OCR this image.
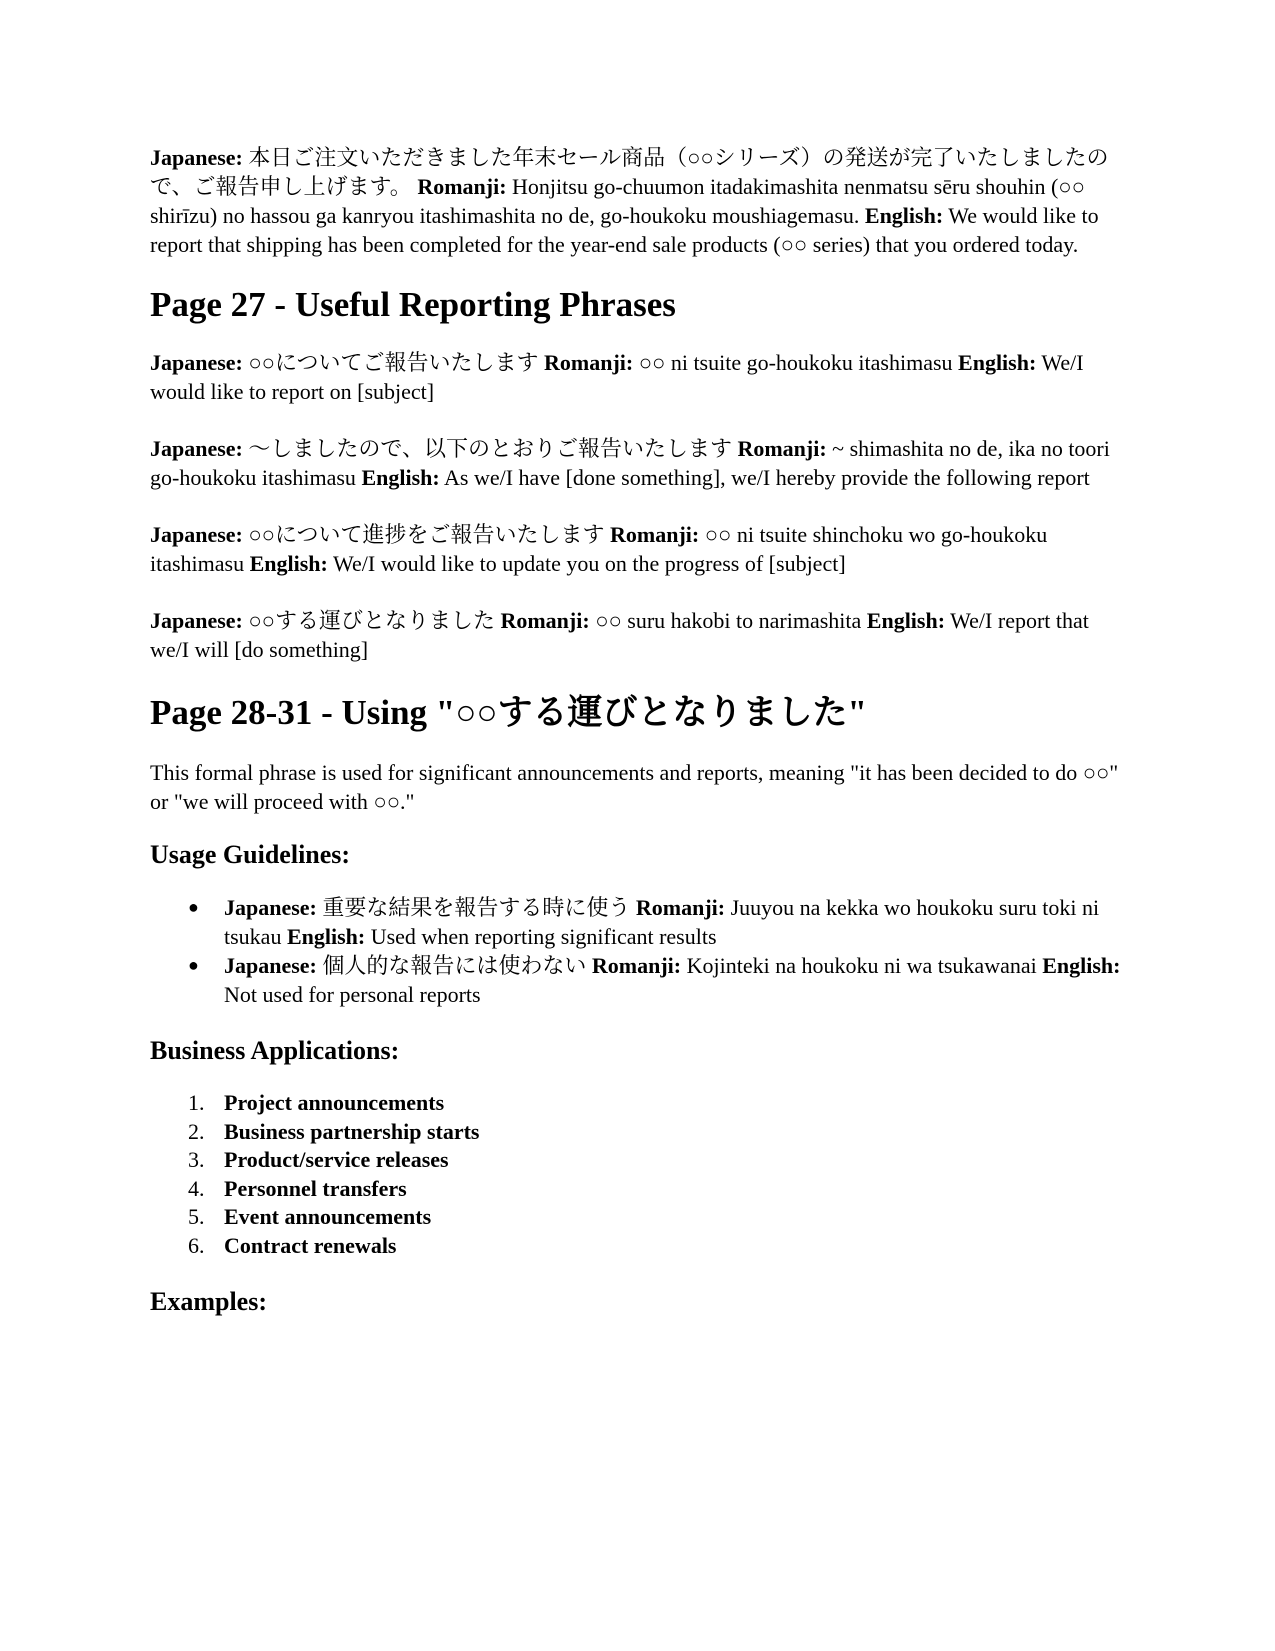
Japanese: 本日ご注文いただきました年末セール商品（○○シリーズ）の発送が完了いたしましたので、ご報告申し上げます。 Romanji: Honjitsu go-chuumon itadakimashita nenmatsu sēru shouhin (○○ shirīzu) no hassou ga kanryou itashimashita no de, go-houkoku moushiagemasu. English: We would like to report that shipping has been completed for the year-end sale products (○○ series) that you ordered today.

Page 27 - Useful Reporting Phrases

Japanese: ○○についてご報告いたします Romanji: ○○ ni tsuite go-houkoku itashimasu English: We/I would like to report on [subject]

Japanese: ～しましたので、以下のとおりご報告いたします Romanji: ~ shimashita no de, ika no toori go-houkoku itashimasu English: As we/I have [done something], we/I hereby provide the following report

Japanese: ○○について進捗をご報告いたします Romanji: ○○ ni tsuite shinchoku wo go-houkoku itashimasu English: We/I would like to update you on the progress of [subject]

Japanese: ○○する運びとなりました Romanji: ○○ suru hakobi to narimashita English: We/I report that we/I will [do something]

Page 28-31 - Using "○○する運びとなりました"

This formal phrase is used for significant announcements and reports, meaning "it has been decided to do ○○" or "we will proceed with ○○."

Usage Guidelines:
● Japanese: 重要な結果を報告する時に使う Romanji: Juuyou na kekka wo houkoku suru toki ni tsukau English: Used when reporting significant results
● Japanese: 個人的な報告には使わない Romanji: Kojinteki na houkoku ni wa tsukawanai English: Not used for personal reports
Business Applications:
1. Project announcements
2. Business partnership starts
3. Product/service releases
4. Personnel transfers
5. Event announcements
6. Contract renewals
Examples:
